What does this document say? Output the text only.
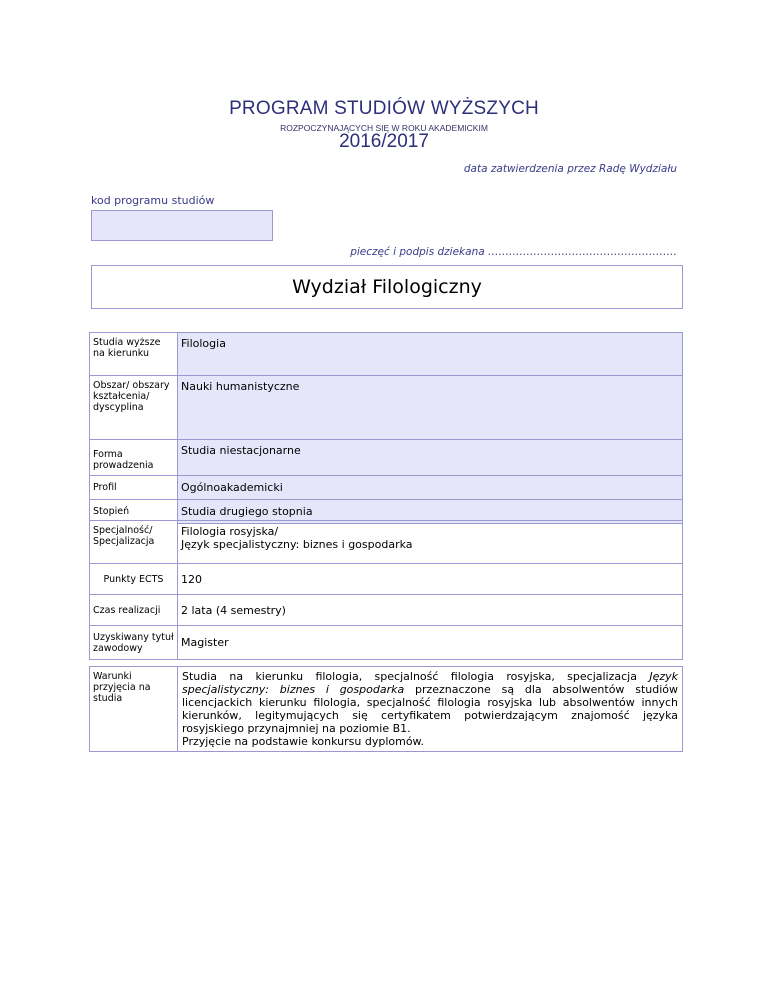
PROGRAM STUDIÓW WYŻSZYCH
ROZPOCZYNAJĄCYCH SIĘ W ROKU AKADEMICKIM
2016/2017
data zatwierdzenia przez Radę Wydziału
kod programu studiów
pieczęć i podpis dziekana ………………………………………………
Wydział Filologiczny
Studia wyższe na kierunku	Filologia
Obszar/ obszary kształcenia/ dyscyplina	Nauki humanistyczne
Forma prowadzenia	Studia niestacjonarne
Profil	Ogólnoakademicki
Stopień	Studia drugiego stopnia
Specjalność/ Specjalizacja	Filologia rosyjska/
Język specjalistyczny: biznes i gospodarka

Punkty ECTS	120
Czas realizacji	2 lata (4 semestry)
Uzyskiwany tytuł zawodowy	Magister
Warunki przyjęcia na studia	Studia na kierunku filologia, specjalność filologia rosyjska, specjalizacja Język specjalistyczny: biznes i gospodarka przeznaczone są dla absolwentów studiów licencjackich kierunku filologia, specjalność filologia rosyjska lub absolwentów innych kierunków, legitymujących się certyfikatem potwierdzającym znajomość języka rosyjskiego przynajmniej na poziomie B1.
Przyjęcie na podstawie konkursu dyplomów.
